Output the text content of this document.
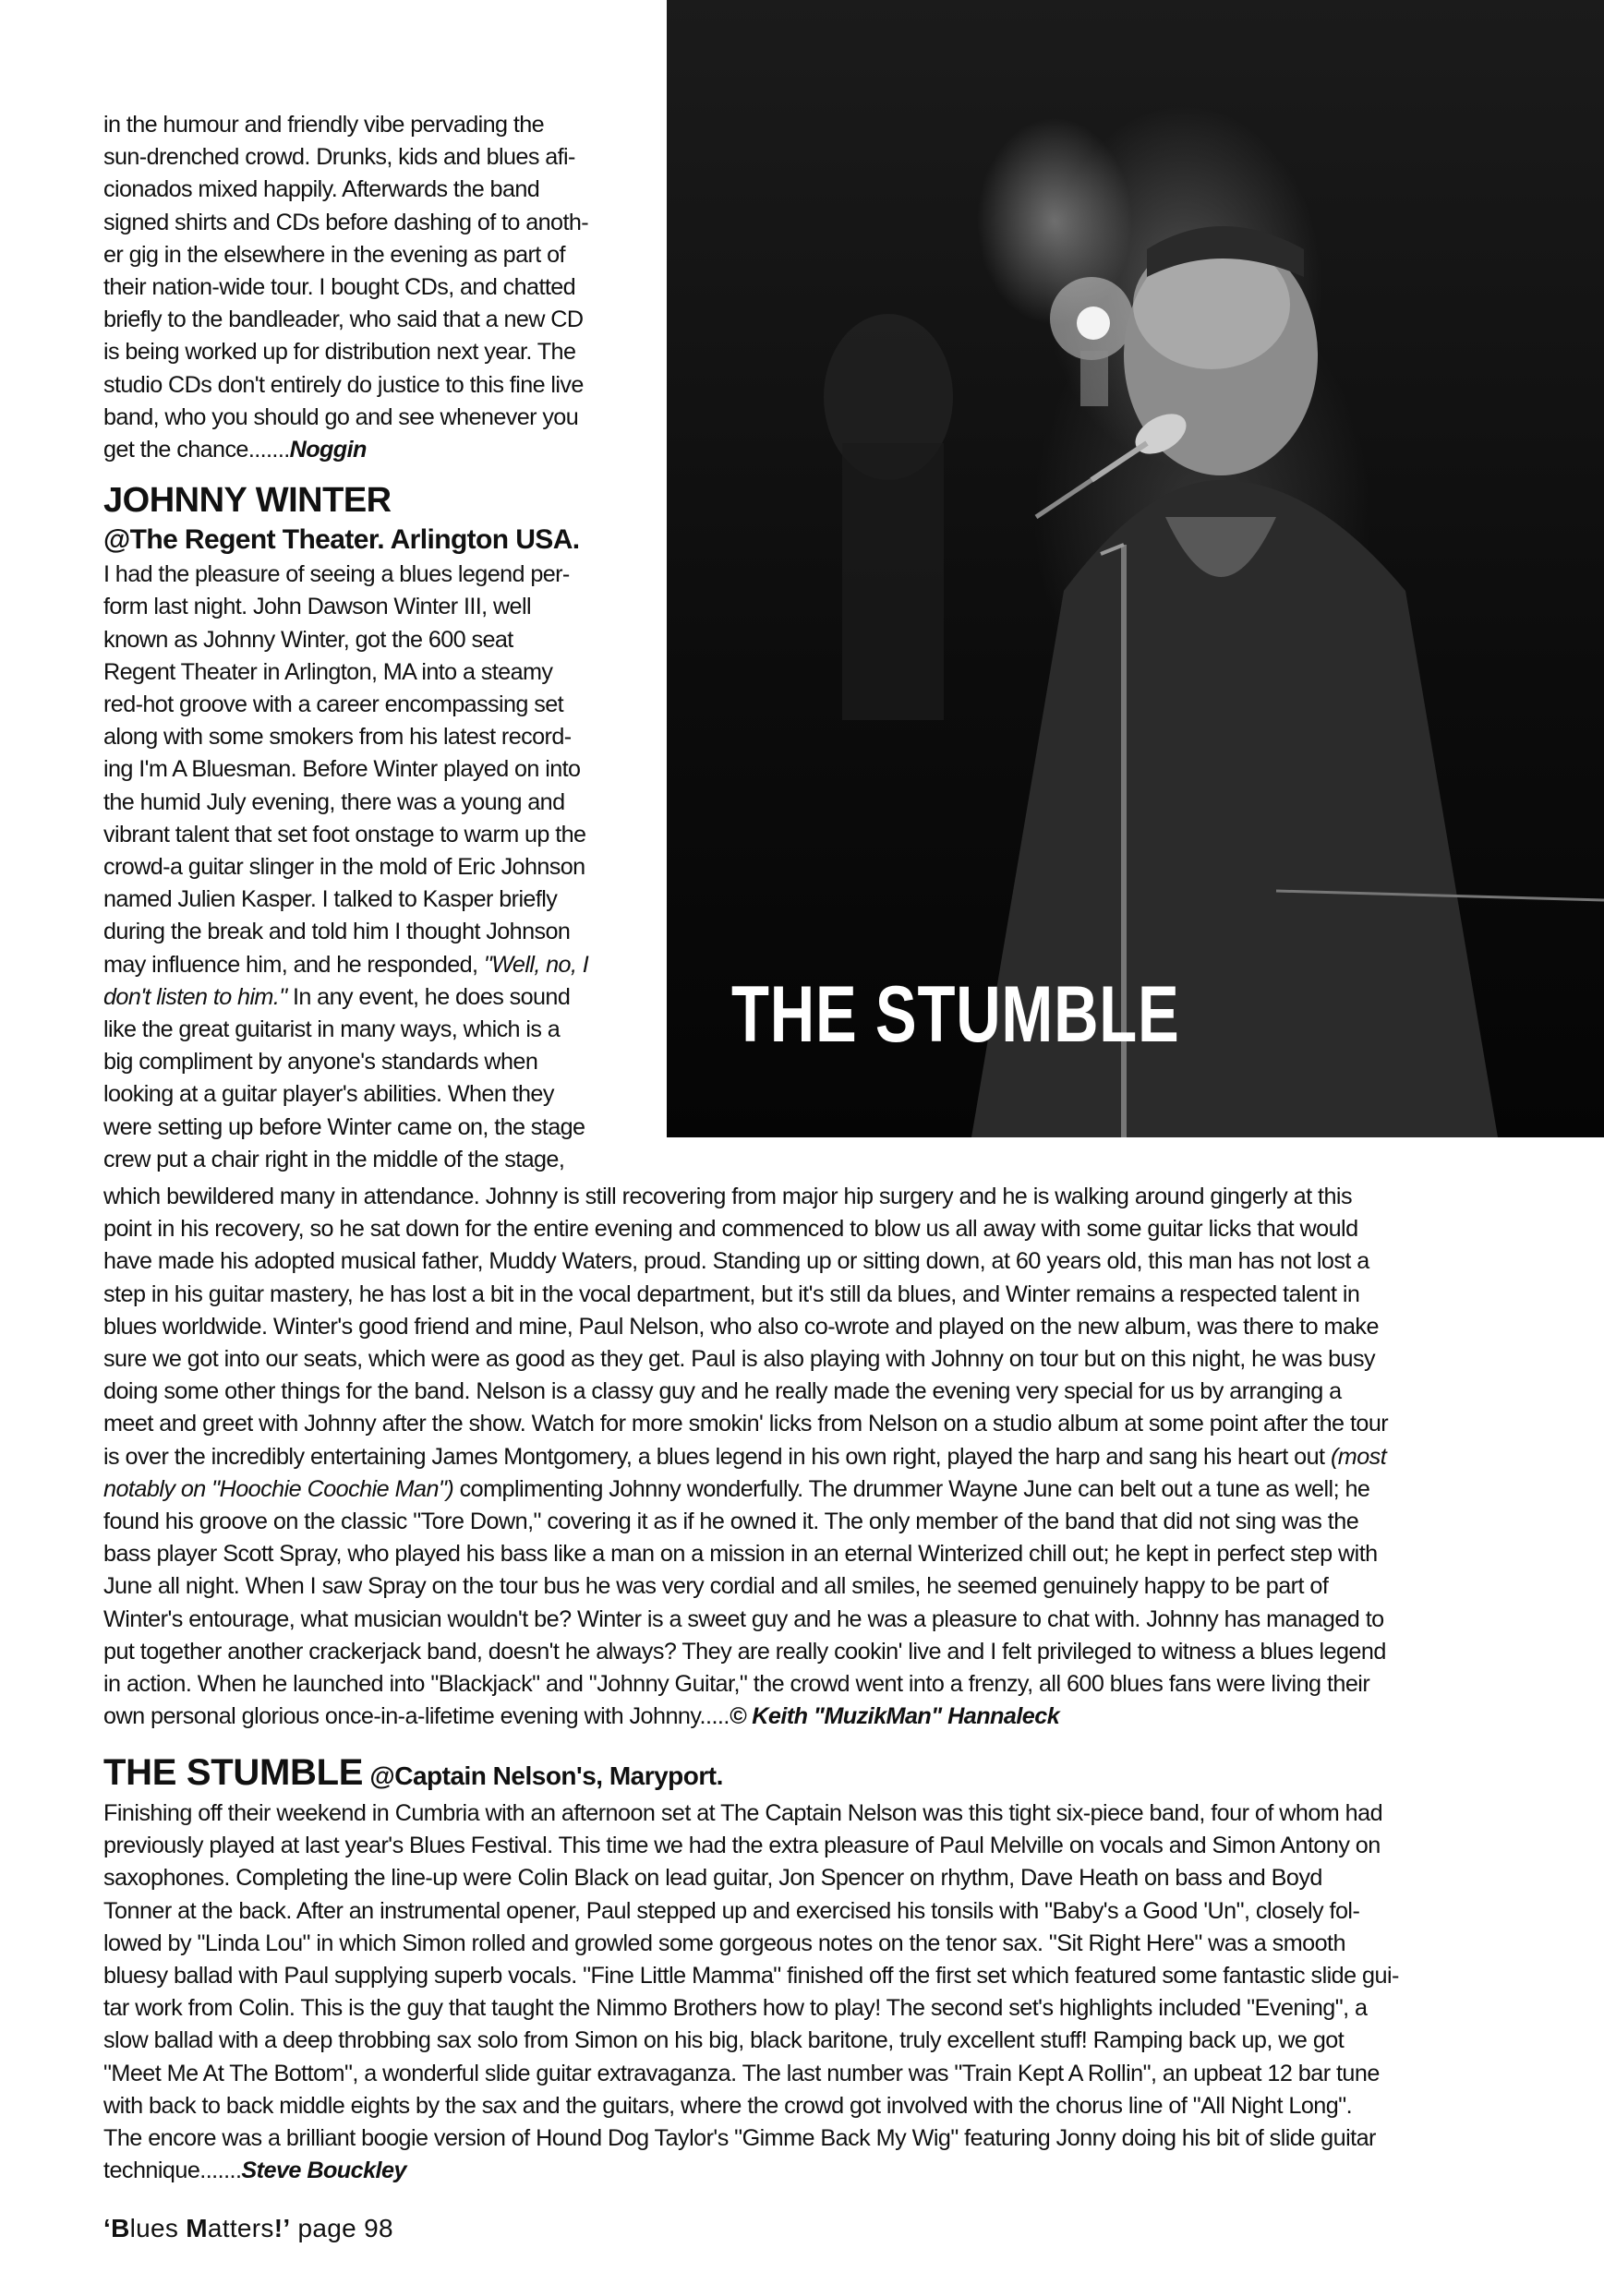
THE STUMBLE
in the humour and friendly vibe pervading the
sun-drenched crowd. Drunks, kids and blues afi-
cionados mixed happily. Afterwards the band
signed shirts and CDs before dashing of to anoth-
er gig in the elsewhere in the evening as part of
their nation-wide tour. I bought CDs, and chatted
briefly to the bandleader, who said that a new CD
is being worked up for distribution next year. The
studio CDs don't entirely do justice to this fine live
band, who you should go and see whenever you
get the chance.......Noggin
JOHNNY WINTER
@The Regent Theater. Arlington USA.
I had the pleasure of seeing a blues legend per-
form last night. John Dawson Winter III, well
known as Johnny Winter, got the 600 seat
Regent Theater in Arlington, MA into a steamy
red-hot groove with a career encompassing set
along with some smokers from his latest record-
ing I'm A Bluesman. Before Winter played on into
the humid July evening, there was a young and
vibrant talent that set foot onstage to warm up the
crowd-a guitar slinger in the mold of Eric Johnson
named Julien Kasper. I talked to Kasper briefly
during the break and told him I thought Johnson
may influence him, and he responded, "Well, no, I
don't listen to him." In any event, he does sound
like the great guitarist in many ways, which is a
big compliment by anyone's standards when
looking at a guitar player's abilities. When they
were setting up before Winter came on, the stage
crew put a chair right in the middle of the stage,
which bewildered many in attendance. Johnny is still recovering from major hip surgery and he is walking around gingerly at this
point in his recovery, so he sat down for the entire evening and commenced to blow us all away with some guitar licks that would
have made his adopted musical father, Muddy Waters, proud. Standing up or sitting down, at 60 years old, this man has not lost a
step in his guitar mastery, he has lost a bit in the vocal department, but it's still da blues, and Winter remains a respected talent in
blues worldwide. Winter's good friend and mine, Paul Nelson, who also co-wrote and played on the new album, was there to make
sure we got into our seats, which were as good as they get. Paul is also playing with Johnny on tour but on this night, he was busy
doing some other things for the band. Nelson is a classy guy and he really made the evening very special for us by arranging a
meet and greet with Johnny after the show. Watch for more smokin' licks from Nelson on a studio album at some point after the tour
is over the incredibly entertaining James Montgomery, a blues legend in his own right, played the harp and sang his heart out (most
notably on "Hoochie Coochie Man") complimenting Johnny wonderfully. The drummer Wayne June can belt out a tune as well; he
found his groove on the classic "Tore Down," covering it as if he owned it. The only member of the band that did not sing was the
bass player Scott Spray, who played his bass like a man on a mission in an eternal Winterized chill out; he kept in perfect step with
June all night. When I saw Spray on the tour bus he was very cordial and all smiles, he seemed genuinely happy to be part of
Winter's entourage, what musician wouldn't be? Winter is a sweet guy and he was a pleasure to chat with. Johnny has managed to
put together another crackerjack band, doesn't he always? They are really cookin' live and I felt privileged to witness a blues legend
in action. When he launched into "Blackjack" and "Johnny Guitar," the crowd went into a frenzy, all 600 blues fans were living their
own personal glorious once-in-a-lifetime evening with Johnny.....© Keith "MuzikMan" Hannaleck
THE STUMBLE @Captain Nelson's, Maryport.
Finishing off their weekend in Cumbria with an afternoon set at The Captain Nelson was this tight six-piece band, four of whom had
previously played at last year's Blues Festival. This time we had the extra pleasure of Paul Melville on vocals and Simon Antony on
saxophones. Completing the line-up were Colin Black on lead guitar, Jon Spencer on rhythm, Dave Heath on bass and Boyd
Tonner at the back. After an instrumental opener, Paul stepped up and exercised his tonsils with "Baby's a Good 'Un", closely fol-
lowed by "Linda Lou" in which Simon rolled and growled some gorgeous notes on the tenor sax. "Sit Right Here" was a smooth
bluesy ballad with Paul supplying superb vocals. "Fine Little Mamma" finished off the first set which featured some fantastic slide gui-
tar work from Colin. This is the guy that taught the Nimmo Brothers how to play! The second set's highlights included "Evening", a
slow ballad with a deep throbbing sax solo from Simon on his big, black baritone, truly excellent stuff! Ramping back up, we got
"Meet Me At The Bottom", a wonderful slide guitar extravaganza. The last number was "Train Kept A Rollin", an upbeat 12 bar tune
with back to back middle eights by the sax and the guitars, where the crowd got involved with the chorus line of "All Night Long".
The encore was a brilliant boogie version of Hound Dog Taylor's "Gimme Back My Wig" featuring Jonny doing his bit of slide guitar
technique.......Steve Bouckley
‘Blues Matters!’ page 98
